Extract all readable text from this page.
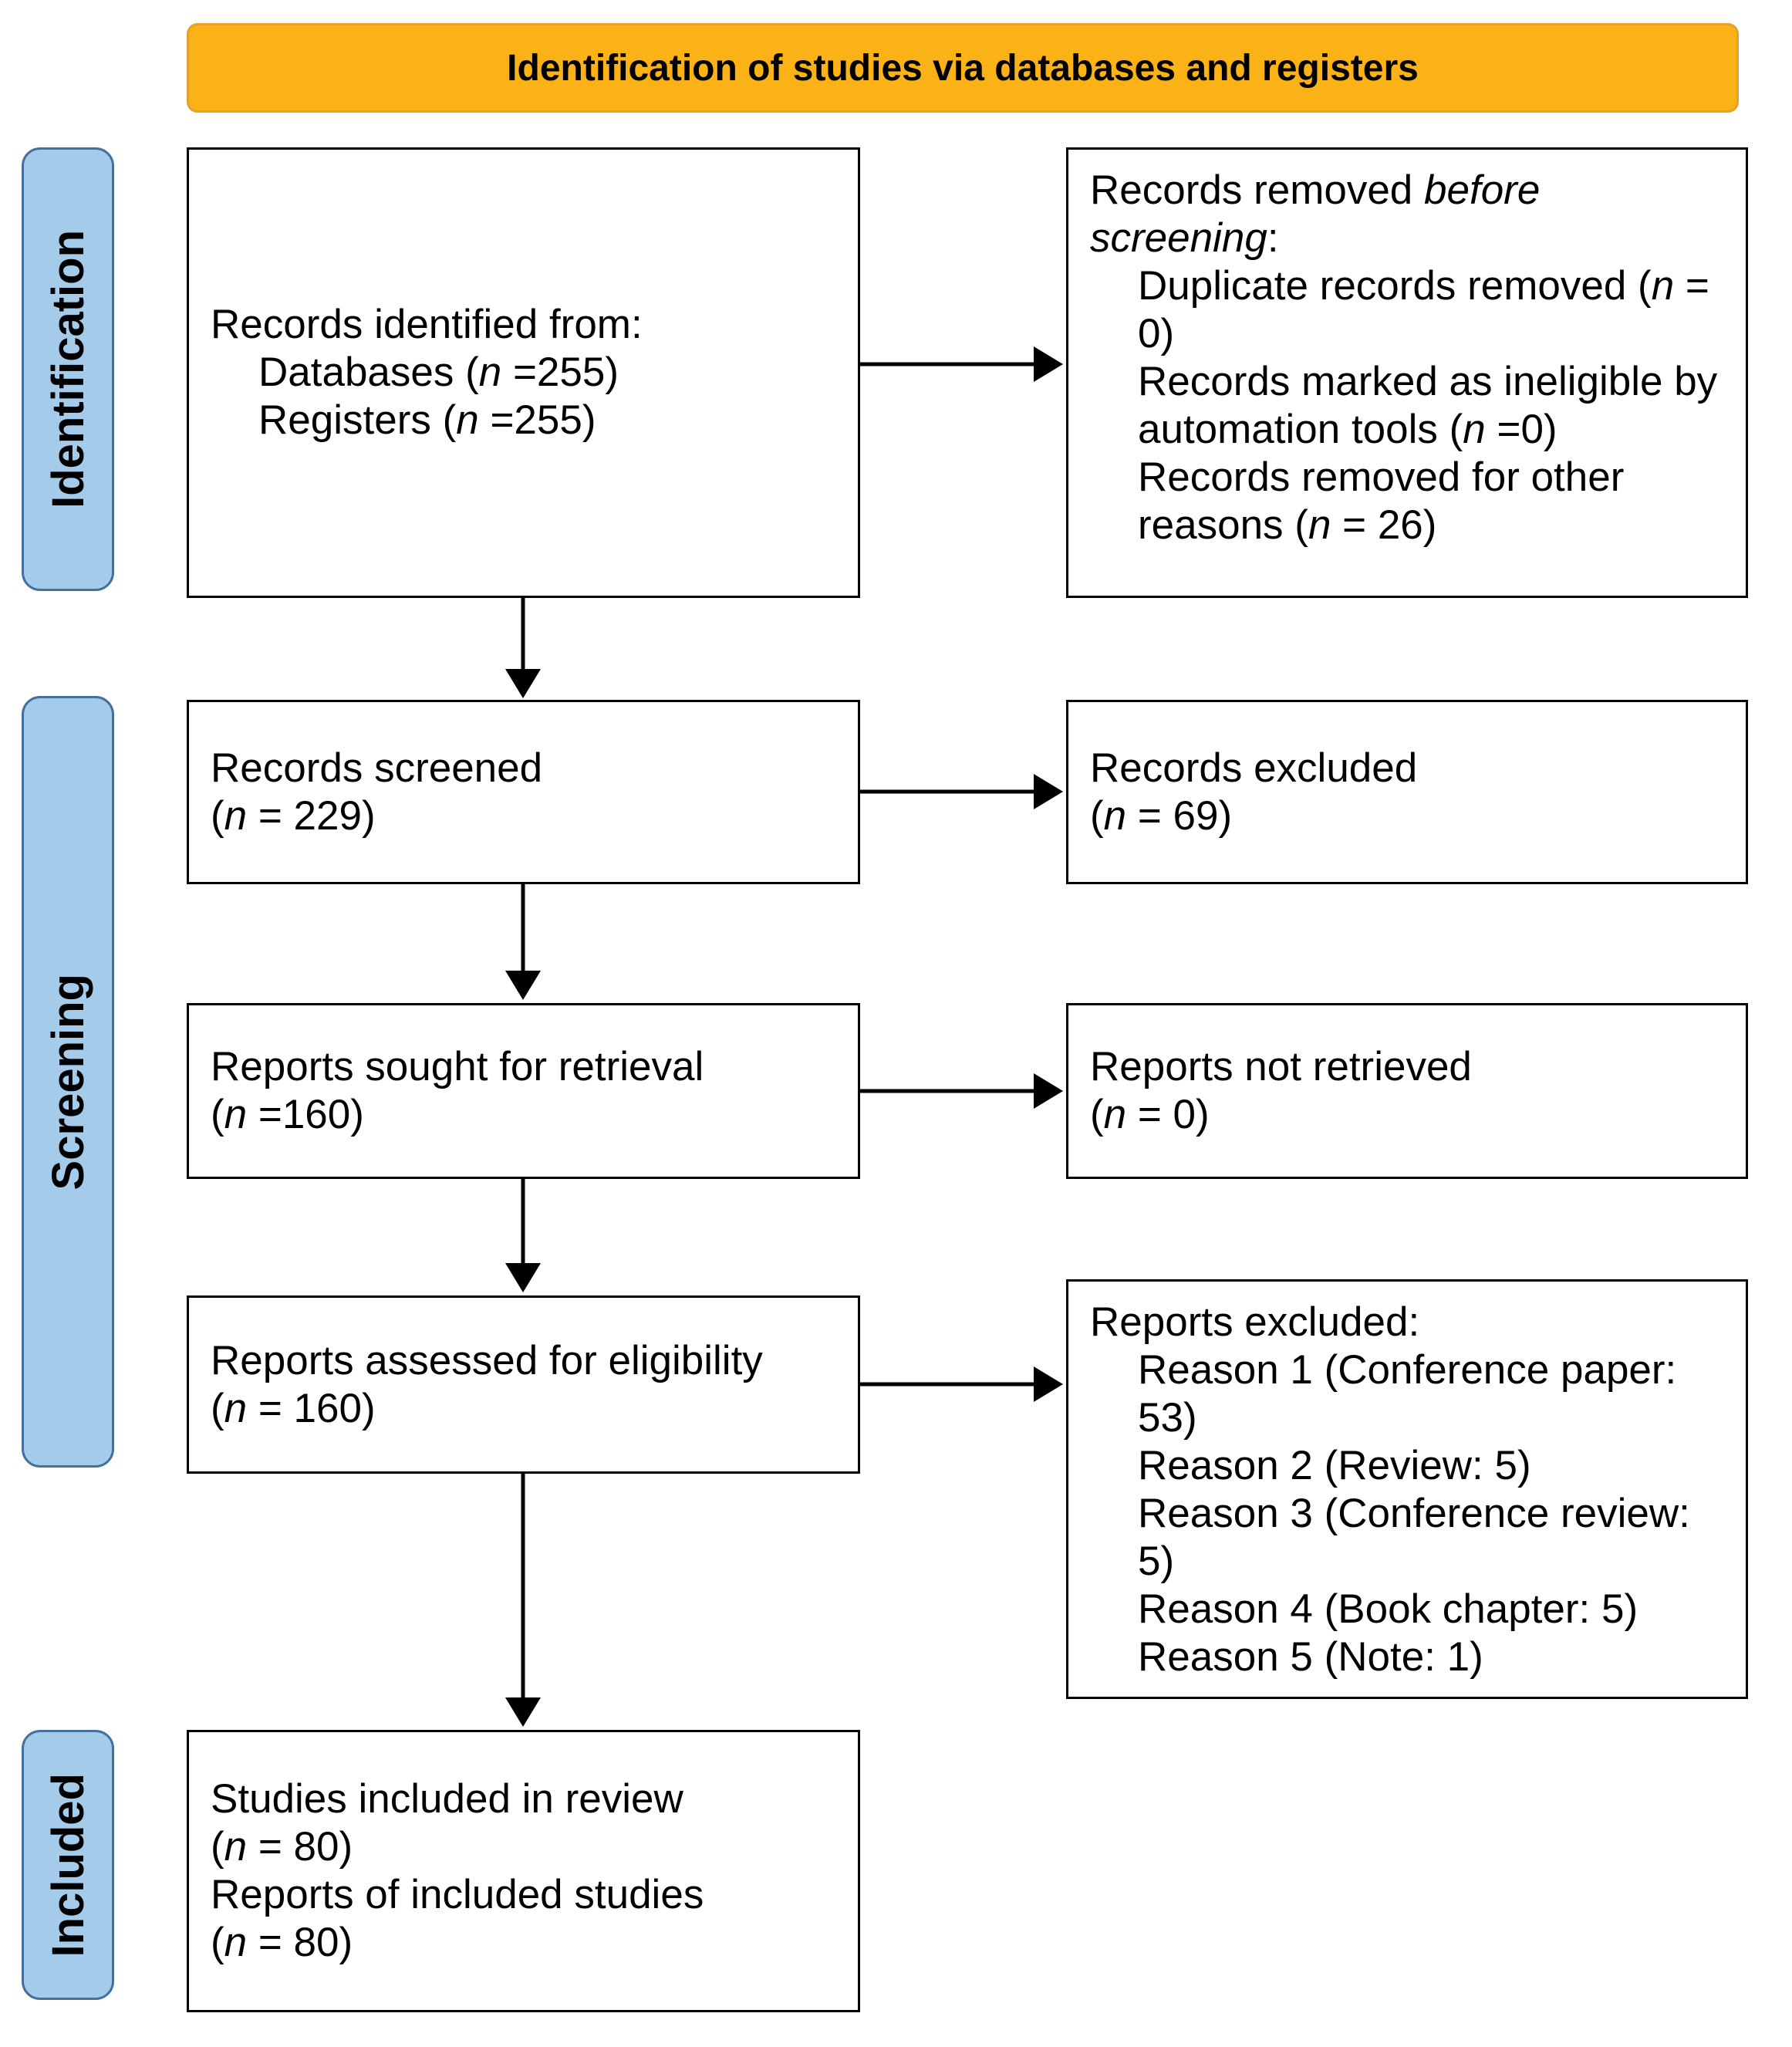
Identification of studies via databases and registers
Identification
Screening
Included
Records identified from:
Databases (n =255)
Registers (n =255)
Records removed before screening:
Duplicate records removed (n = 0)
Records marked as ineligible by automation tools (n =0)
Records removed for other reasons (n = 26)
Records screened
(n = 229)
Records excluded
(n = 69)
Reports sought for retrieval
(n =160)
Reports not retrieved
(n = 0)
Reports assessed for eligibility
(n = 160)
Reports excluded:
Reason 1 (Conference paper: 53)
Reason 2 (Review: 5)
Reason 3 (Conference review: 5)
Reason 4 (Book chapter: 5)
Reason 5 (Note: 1)
Studies included in review
(n = 80)
Reports of included studies
(n = 80)
